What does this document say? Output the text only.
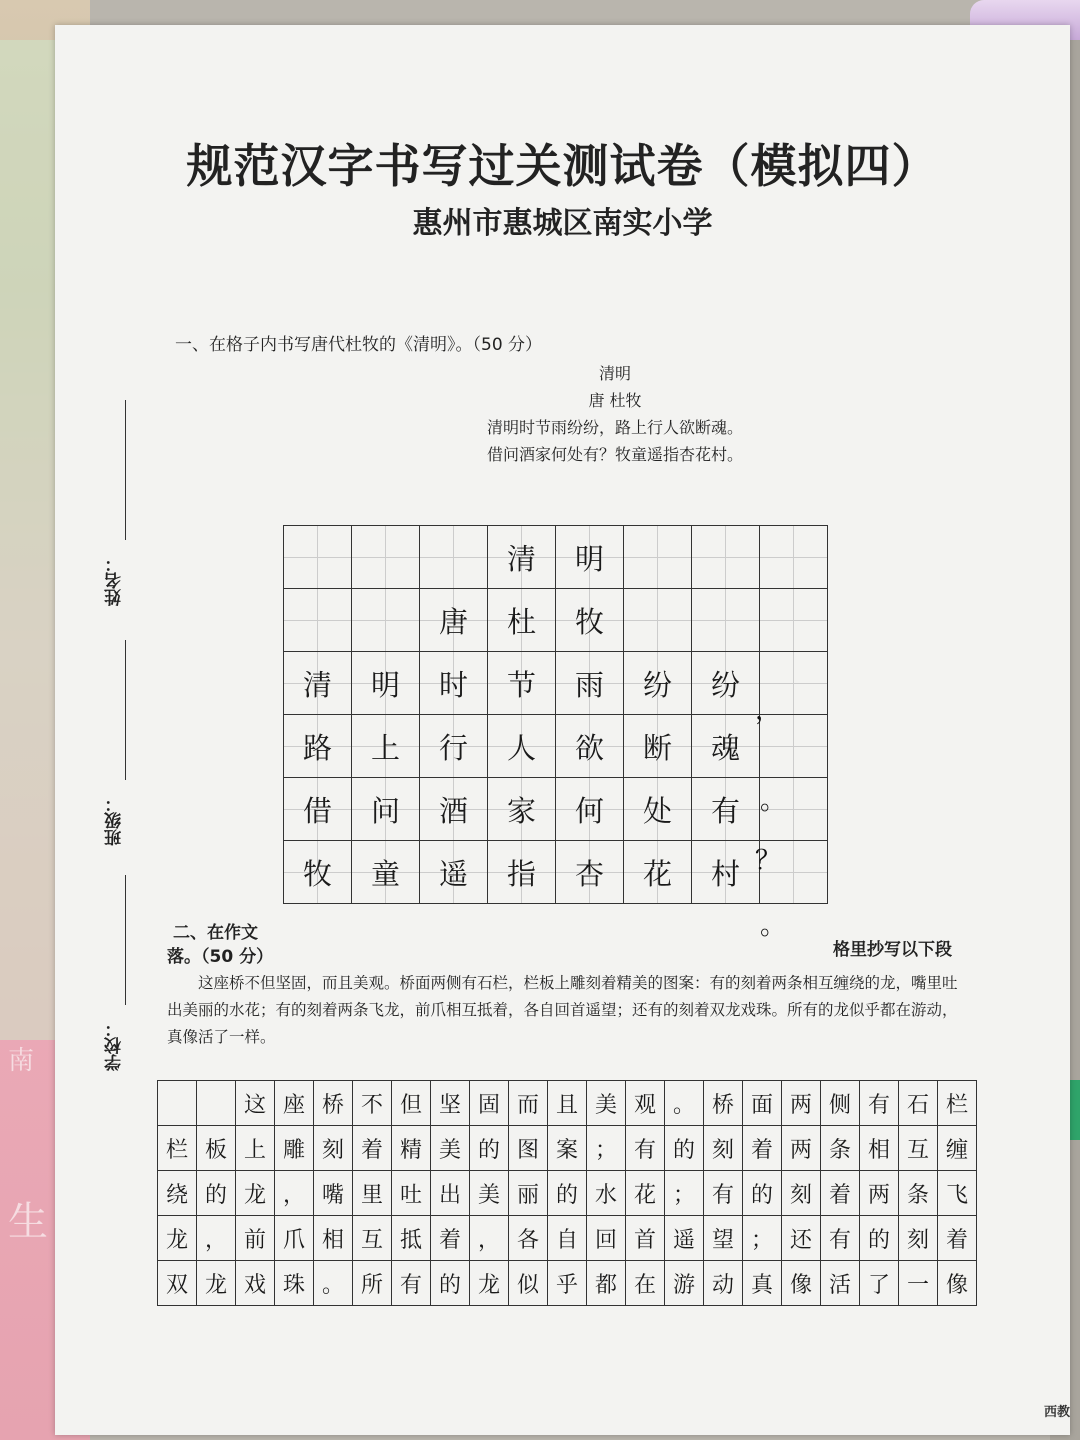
南
生
规范汉字书写过关测试卷（模拟四）
惠州市惠城区南实小学
一、在格子内书写唐代杜牧的《清明》。（50 分）
清明
唐 杜牧
清明时节雨纷纷，路上行人欲断魂。
借问酒家何处有？牧童遥指杏花村。
姓名：
班级：
学校：
			清	明			
		唐	杜	牧			
清	明	时	节	雨	纷	纷	
路	上	行	人	欲	断	魂	
借	问	酒	家	何	处	有	
牧	童	遥	指	杏	花	村	
，
。
？
。
二、在作文
落。（50 分）	格里抄写以下段
这座桥不但坚固，而且美观。桥面两侧有石栏，栏板上雕刻着精美的图案：有的刻着两条相互缠绕的龙，嘴里吐出美丽的水花；有的刻着两条飞龙，前爪相互抵着，各自回首遥望；还有的刻着双龙戏珠。所有的龙似乎都在游动，真像活了一样。
		这	座	桥	不	但	坚	固	而	且	美	观	。	桥	面	两	侧	有	石	栏
栏	板	上	雕	刻	着	精	美	的	图	案	；	有	的	刻	着	两	条	相	互	缠
绕	的	龙	，	嘴	里	吐	出	美	丽	的	水	花	；	有	的	刻	着	两	条	飞
龙	，	前	爪	相	互	抵	着	，	各	自	回	首	遥	望	；	还	有	的	刻	着
双	龙	戏	珠	。	所	有	的	龙	似	乎	都	在	游	动	真	像	活	了	一	像
西教
